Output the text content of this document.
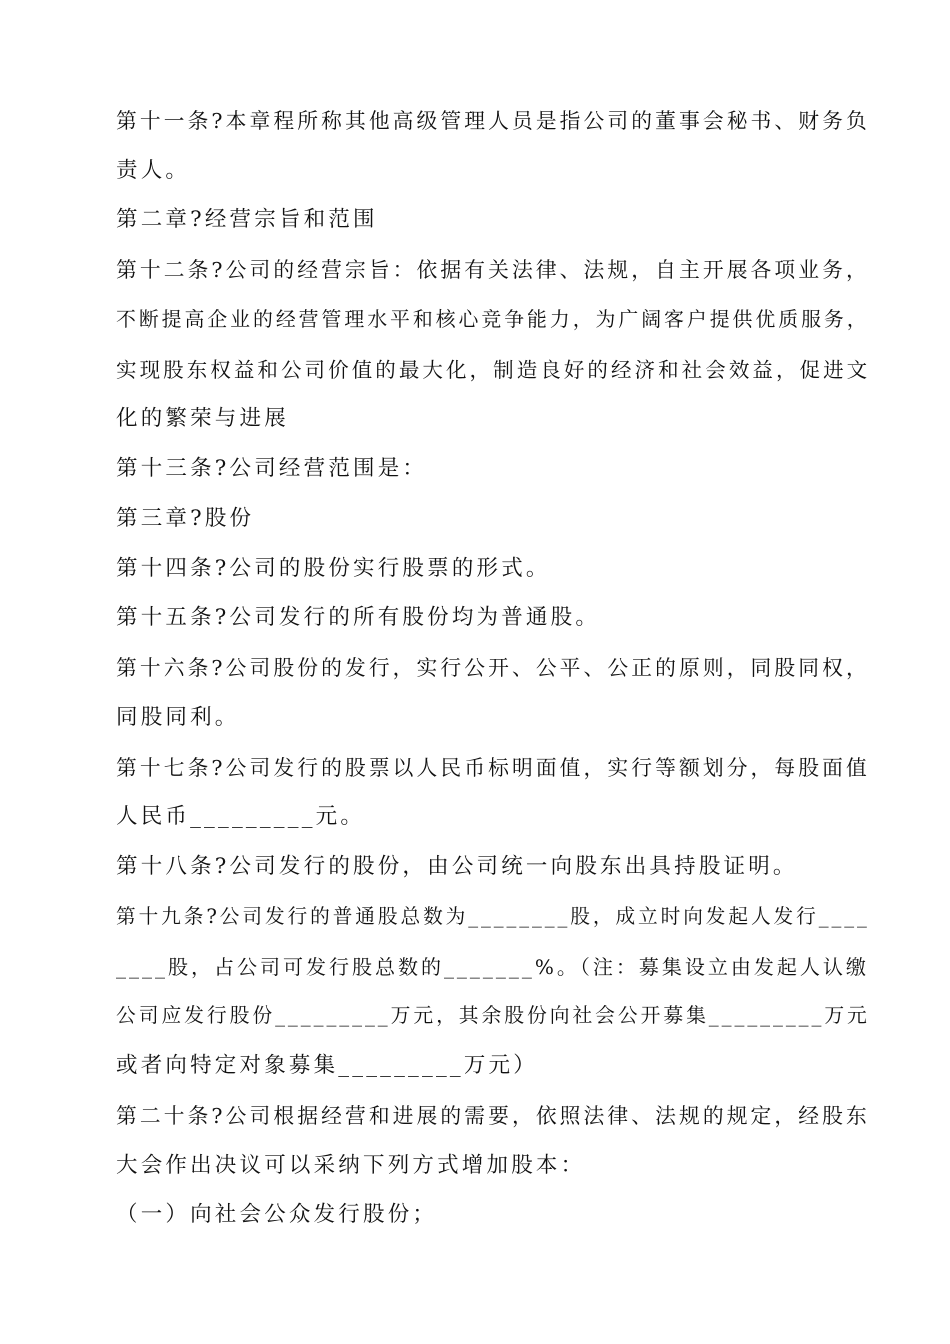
第十一条?本章程所称其他高级管理人员是指公司的董事会秘书、财务负
责人。
第二章?经营宗旨和范围
第十二条?公司的经营宗旨：依据有关法律、法规，自主开展各项业务，
不断提高企业的经营管理水平和核心竞争能力，为广阔客户提供优质服务，
实现股东权益和公司价值的最大化，制造良好的经济和社会效益，促进文
化的繁荣与进展
第十三条?公司经营范围是：
第三章?股份
第十四条?公司的股份实行股票的形式。
第十五条?公司发行的所有股份均为普通股。
第十六条?公司股份的发行，实行公开、公平、公正的原则，同股同权，
同股同利。
第十七条?公司发行的股票以人民币标明面值，实行等额划分，每股面值
人民币_________元。
第十八条?公司发行的股份，由公司统一向股东出具持股证明。
第十九条?公司发行的普通股总数为________股，成立时向发起人发行____
____股，占公司可发行股总数的_______%。（注：募集设立由发起人认缴
公司应发行股份_________万元，其余股份向社会公开募集_________万元
或者向特定对象募集_________万元）
第二十条?公司根据经营和进展的需要，依照法律、法规的规定，经股东
大会作出决议可以采纳下列方式增加股本：
（一）向社会公众发行股份；
